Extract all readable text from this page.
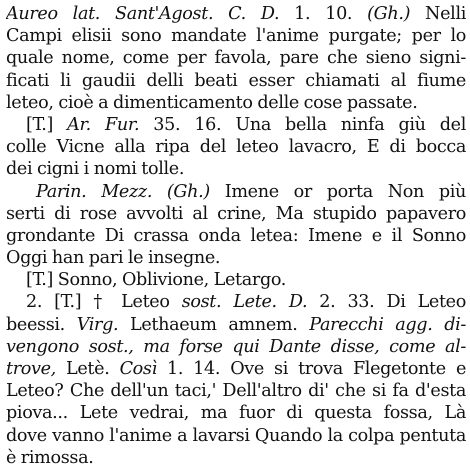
Aureo lat. Sant'Agost. C. D. 1. 10. (Gh.) Nelli
Campi elisii sono mandate l'anime purgate; per lo
quale nome, come per favola, pare che sieno signi-
ficati li gaudii delli beati esser chiamati al fiume
leteo, cioè a dimenticamento delle cose passate.
[T.] Ar. Fur. 35. 16. Una bella ninfa giù del
colle Vicne alla ripa del leteo lavacro, E di bocca
dei cigni i nomi tolle.
Parin. Mezz. (Gh.) Imene or porta Non più
serti di rose avvolti al crine, Ma stupido papavero
grondante Di crassa onda letea: Imene e il Sonno
Oggi han pari le insegne.
[T.] Sonno, Oblivione, Letargo.
2. [T.] † Leteo sost. Lete. D. 2. 33. Di Leteo
beessi. Virg. Lethaeum amnem. Parecchi agg. di-
vengono sost., ma forse qui Dante disse, come al-
trove, Letè. Così 1. 14. Ove si trova Flegetonte e
Leteo? Che dell'un taci,' Dell'altro di' che si fa d'esta
piova... Lete vedrai, ma fuor di questa fossa, Là
dove vanno l'anime a lavarsi Quando la colpa pentuta
è rimossa.
